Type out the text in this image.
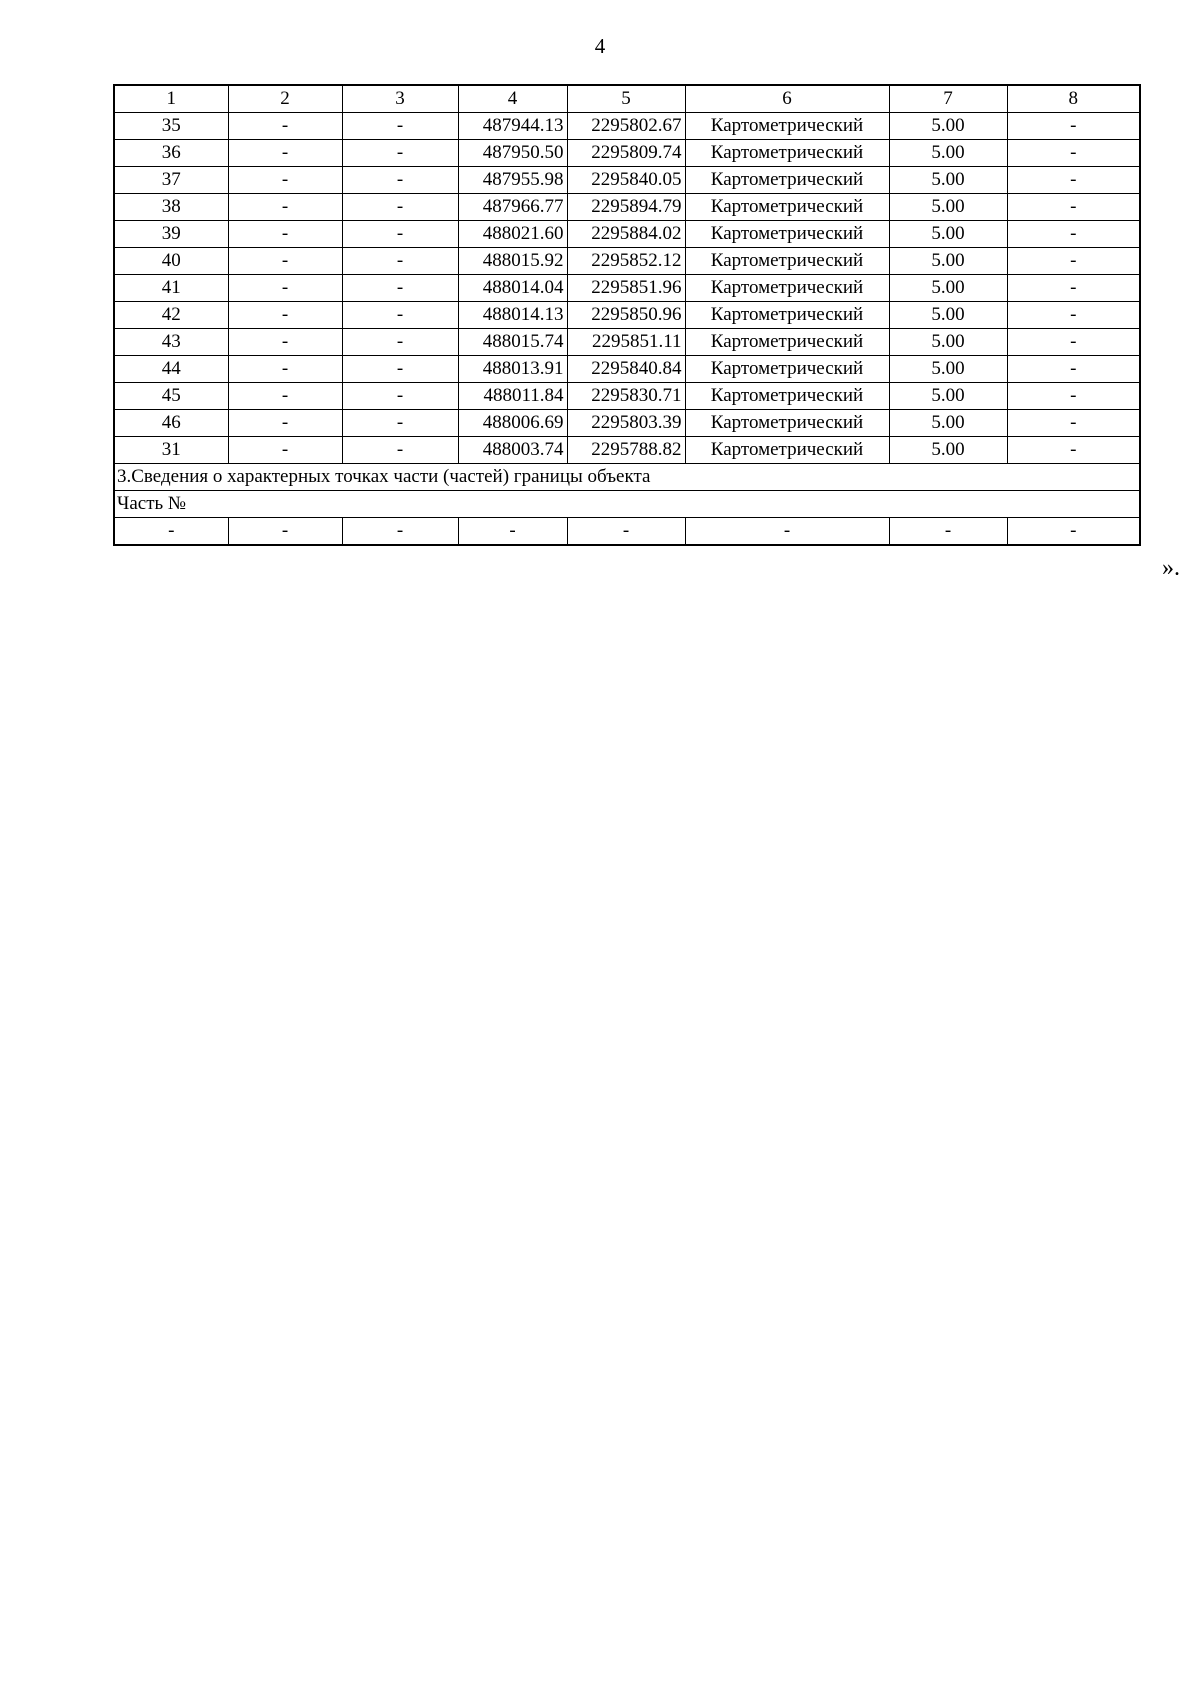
4
1	2	3	4	5	6	7	8
35	-	-	487944.13	2295802.67	Картометрический	5.00	-
36	-	-	487950.50	2295809.74	Картометрический	5.00	-
37	-	-	487955.98	2295840.05	Картометрический	5.00	-
38	-	-	487966.77	2295894.79	Картометрический	5.00	-
39	-	-	488021.60	2295884.02	Картометрический	5.00	-
40	-	-	488015.92	2295852.12	Картометрический	5.00	-
41	-	-	488014.04	2295851.96	Картометрический	5.00	-
42	-	-	488014.13	2295850.96	Картометрический	5.00	-
43	-	-	488015.74	2295851.11	Картометрический	5.00	-
44	-	-	488013.91	2295840.84	Картометрический	5.00	-
45	-	-	488011.84	2295830.71	Картометрический	5.00	-
46	-	-	488006.69	2295803.39	Картометрический	5.00	-
31	-	-	488003.74	2295788.82	Картометрический	5.00	-
3.Сведения о характерных точках части (частей) границы объекта							
Часть №							
-	-	-	-	-	-	-	-
».
